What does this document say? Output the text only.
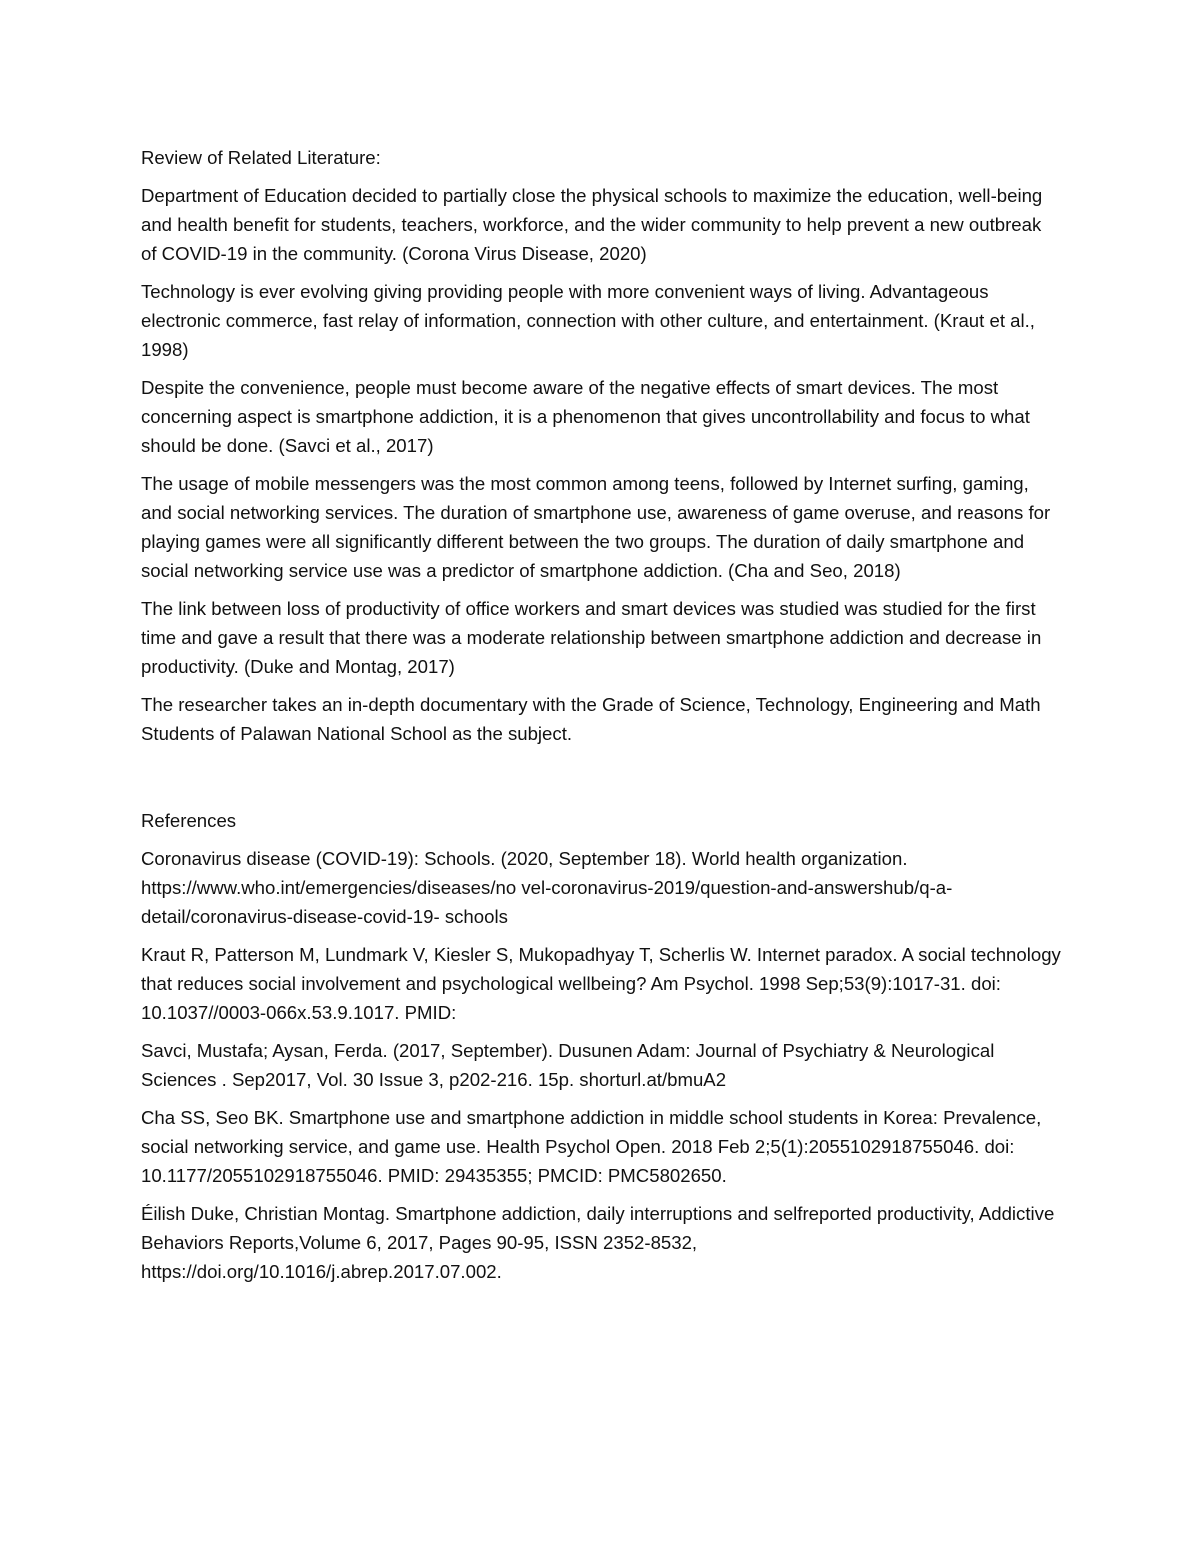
Review of Related Literature:

Department of Education decided to partially close the physical schools to maximize the education, well-being and health benefit for students, teachers, workforce, and the wider community to help prevent a new outbreak of COVID-19 in the community. (Corona Virus Disease, 2020)

Technology is ever evolving giving providing people with more convenient ways of living. Advantageous electronic commerce, fast relay of information, connection with other culture, and entertainment. (Kraut et al., 1998)

Despite the convenience, people must become aware of the negative effects of smart devices. The most concerning aspect is smartphone addiction, it is a phenomenon that gives uncontrollability and focus to what should be done. (Savci et al., 2017)

The usage of mobile messengers was the most common among teens, followed by Internet surfing, gaming, and social networking services. The duration of smartphone use, awareness of game overuse, and reasons for playing games were all significantly different between the two groups. The duration of daily smartphone and social networking service use was a predictor of smartphone addiction. (Cha and Seo, 2018)

The link between loss of productivity of office workers and smart devices was studied was studied for the first time and gave a result that there was a moderate relationship between smartphone addiction and decrease in productivity. (Duke and Montag, 2017)

The researcher takes an in-depth documentary with the Grade of Science, Technology, Engineering and Math Students of Palawan National School as the subject.

References

Coronavirus disease (COVID-19): Schools. (2020, September 18). World health organization. https://www.who.int/emergencies/diseases/no vel-coronavirus-2019/question-and-answershub/q-a-detail/coronavirus-disease-covid-19- schools

Kraut R, Patterson M, Lundmark V, Kiesler S, Mukopadhyay T, Scherlis W. Internet paradox. A social technology that reduces social involvement and psychological wellbeing? Am Psychol. 1998 Sep;53(9):1017-31. doi: 10.1037//0003-066x.53.9.1017. PMID:

Savci, Mustafa; Aysan, Ferda. (2017, September). Dusunen Adam: Journal of Psychiatry & Neurological Sciences . Sep2017, Vol. 30 Issue 3, p202-216. 15p. shorturl.at/bmuA2

Cha SS, Seo BK. Smartphone use and smartphone addiction in middle school students in Korea: Prevalence, social networking service, and game use. Health Psychol Open. 2018 Feb 2;5(1):2055102918755046. doi: 10.1177/2055102918755046. PMID: 29435355; PMCID: PMC5802650.

Éilish Duke, Christian Montag. Smartphone addiction, daily interruptions and selfreported productivity, Addictive Behaviors Reports,Volume 6, 2017, Pages 90-95, ISSN 2352-8532, https://doi.org/10.1016/j.abrep.2017.07.002.
